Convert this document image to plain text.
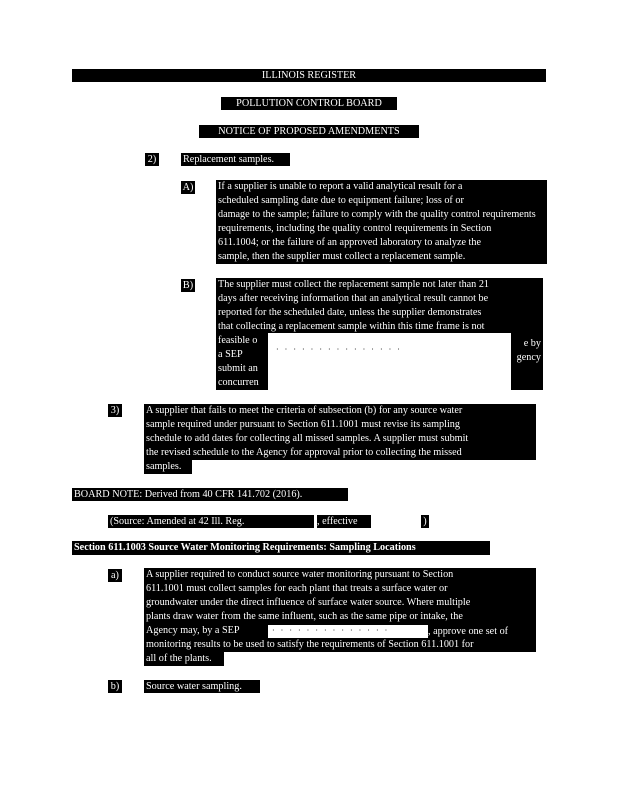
ILLINOIS REGISTER
POLLUTION CONTROL BOARD
NOTICE OF PROPOSED AMENDMENTS
2)	Replacement samples.
A) If a supplier is unable to report a valid analytical result for a
scheduled sampling date due to equipment failure; loss of or
damage to the sample; failure to comply with the quality control requirements
requirements, including the quality control requirements in Section
611.1004; or the failure of an approved laboratory to analyze the
sample, then the supplier must collect a replacement sample.
B) The supplier must collect the replacement sample not later than 21
days after receiving information that an analytical result cannot be
reported for the scheduled date, unless the supplier demonstrates
that collecting a replacement sample within this time frame is not
feasible o
a SEP
submit an
concurren
· · · · · · · · · · · · · · ·
e by
gency
3)	A supplier that fails to meet the criteria of subsection (b) for any source water
sample required under pursuant to Section 611.1001 must revise its sampling
schedule to add dates for collecting all missed samples. A supplier must submit
the revised schedule to the Agency for approval prior to collecting the missed
samples.
BOARD NOTE: Derived from 40 CFR 141.702 (2016).
(Source: Amended at 42 Ill. Reg.	, effective	)
Section 611.1003 Source Water Monitoring Requirements: Sampling Locations
a)	A supplier required to conduct source water monitoring pursuant to Section
611.1001 must collect samples for each plant that treats a surface water or
groundwater under the direct influence of surface water source. Where multiple
plants draw water from the same influent, such as the same pipe or intake, the
Agency may, by a SEP
monitoring results to be used to satisfy the requirements of Section 611.1001 for
all of the plants.
· · · · · · · · · · · · · ·	, approve one set of
b)	Source water sampling.
